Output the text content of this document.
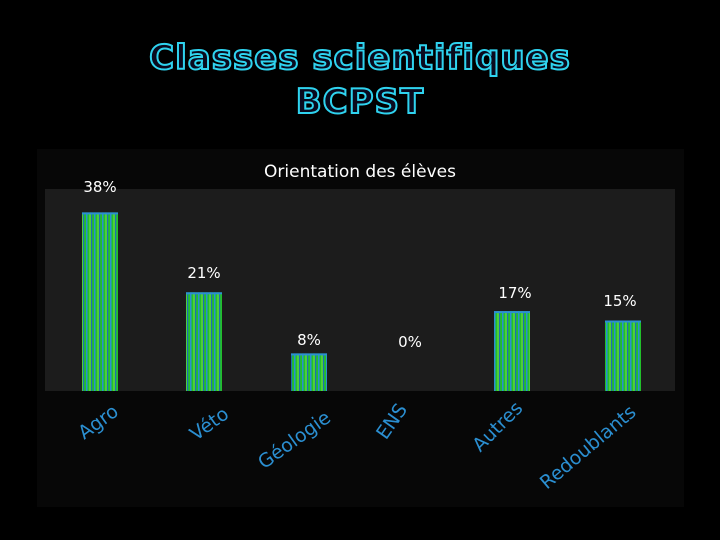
Classes scientifiques
BCPST
Orientation des élèves
38%
21%
8%	0%
17%	15%
Agro	Véto Géologie ENS	Autres Redoublants
